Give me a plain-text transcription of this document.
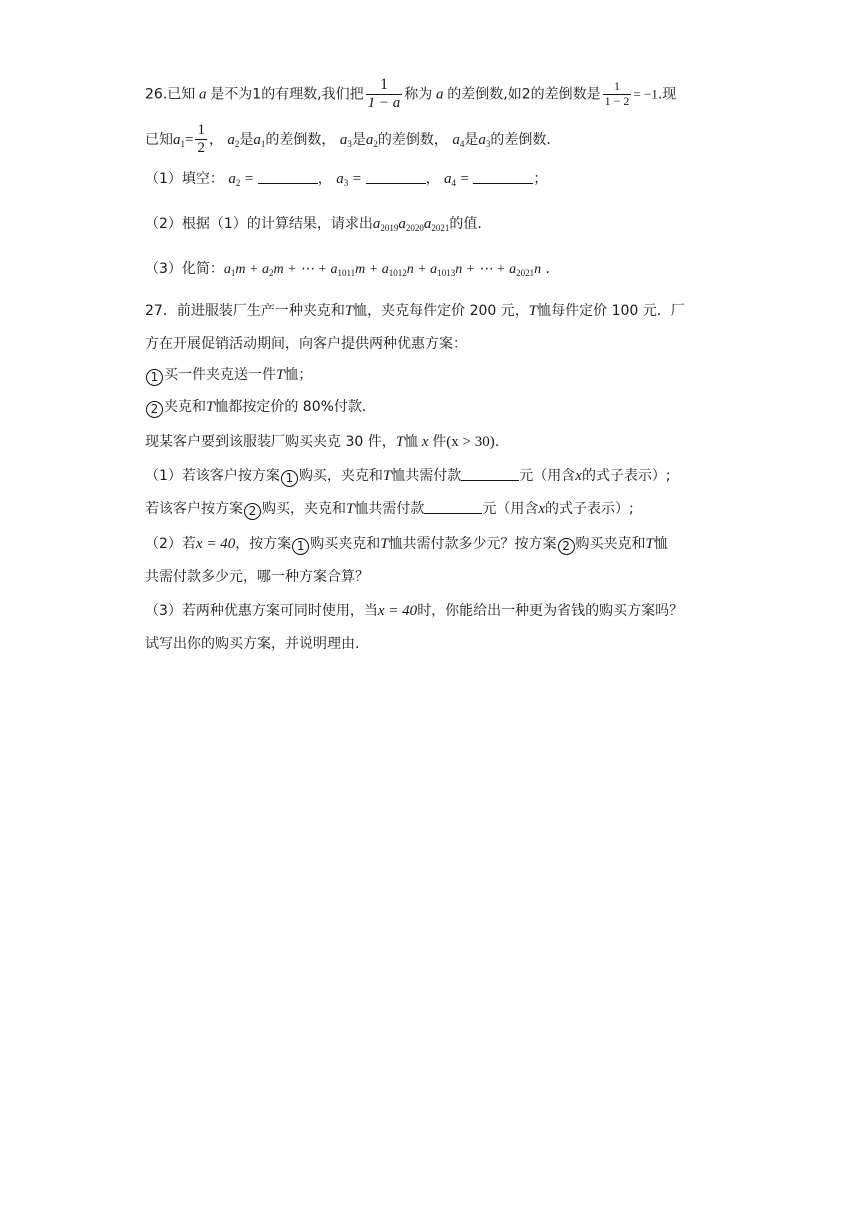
26.已知 a 是不为1的有理数,我们把 $\frac{1}{1 - a}$ 称为 a 的差倒数,如2的差倒数是 $\frac{1}{1 - 2} = -1$.现
已知$a_1= \frac{1}{2}$ ， $a_2$是$a_1$的差倒数， $a_3$是$a_2$的差倒数， $a_4$是$a_3$的差倒数.
（1）填空： $a_2$ =	， $a_3$ =	， $a_4$ =	；
（2）根据（1）的计算结果，请求出$a_{2019}a_{2020}a_{2021}$的值.
（3）化简：$a_1m + a_2m$ + ⋯ + $a_{1011}m + a_{1012}n + a_{1013}n$ + ⋯ + $a_{2021}n$ .
27．前进服装厂生产一种夹克和T恤，夹克每件定价 200 元，T恤每件定价 100 元．厂
方在开展促销活动期间，向客户提供两种优惠方案：
1 买一件夹克送一件T恤；
2 夹克和T恤都按定价的 80%付款．
现某客户要到该服装厂购买夹克 30 件，T恤 x 件(x > 30).
（1）若该客户按方案 1 购买，夹克和T恤共需付款	元（用含x的式子表示）;
若该客户按方案 2 购买，夹克和T恤共需付款	元（用含x的式子表示）;
（2）若x = 40，按方案 1 购买夹克和T恤共需付款多少元？按方案 2 购买夹克和T恤
共需付款多少元，哪一种方案合算？
（3）若两种优惠方案可同时使用，当x = 40时，你能给出一种更为省钱的购买方案吗？
试写出你的购买方案，并说明理由.
